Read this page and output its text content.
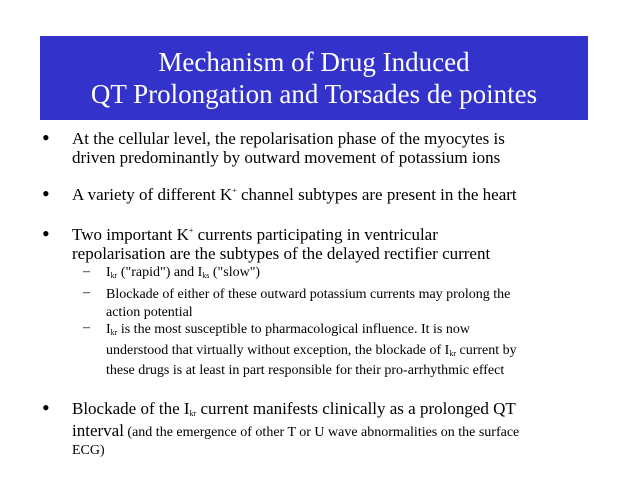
Mechanism of Drug Induced
QT Prolongation and Torsades de pointes
• At the cellular level, the repolarisation phase of the myocytes is
driven predominantly by outward movement of potassium ions
• A variety of different K+ channel subtypes are present in the heart
• Two important K+ currents participating in ventricular
repolarisation are the subtypes of the delayed rectifier current
– $I_{kr}$ ("rapid") and $I_{ks}$ ("slow")
– Blockade of either of these outward potassium currents may prolong the
action potential
– $I_{kr}$ is the most susceptible to pharmacological influence. It is now
understood that virtually without exception, the blockade of $I_{kr}$ current by
these drugs is at least in part responsible for their pro-arrhythmic effect
• Blockade of the $I_{kr}$ current manifests clinically as a prolonged QT
interval (and the emergence of other T or U wave abnormalities on the surface
ECG)
